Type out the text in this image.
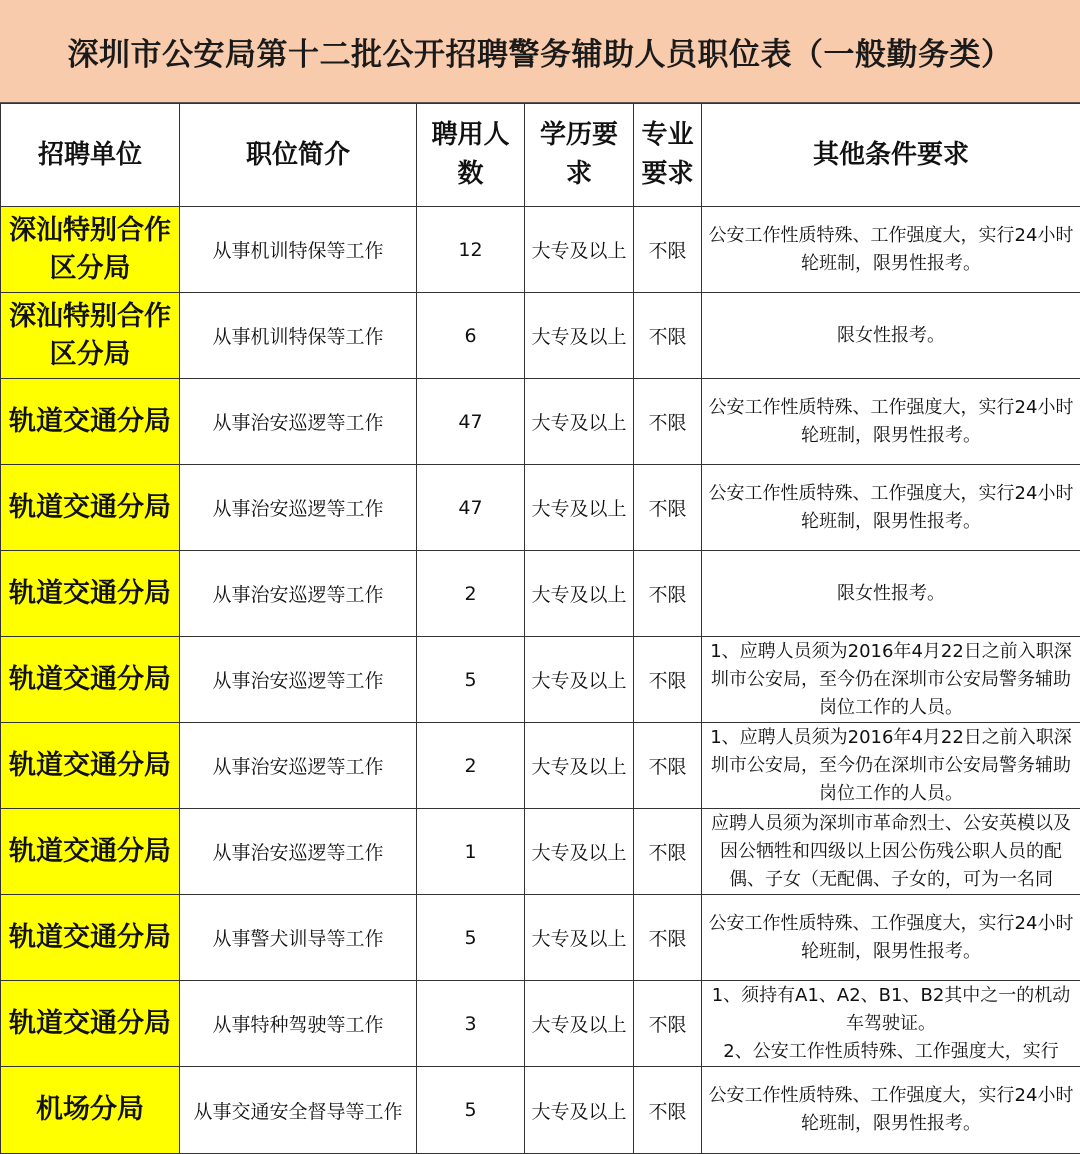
深圳市公安局第十二批公开招聘警务辅助人员职位表（一般勤务类）
招聘单位	职位简介	聘用人数	学历要求	专业要求	其他条件要求
深汕特别合作区分局	从事机训特保等工作	12	大专及以上	不限	公安工作性质特殊、工作强度大，实行24小时轮班制，限男性报考。

深汕特别合作区分局	从事机训特保等工作	6	大专及以上	不限	限女性报考。

轨道交通分局	从事治安巡逻等工作	47	大专及以上	不限	公安工作性质特殊、工作强度大，实行24小时轮班制，限男性报考。

轨道交通分局	从事治安巡逻等工作	47	大专及以上	不限	公安工作性质特殊、工作强度大，实行24小时轮班制，限男性报考。

轨道交通分局	从事治安巡逻等工作	2	大专及以上	不限	限女性报考。

轨道交通分局	从事治安巡逻等工作	5	大专及以上	不限	1、应聘人员须为2016年4月22日之前入职深圳市公安局，至今仍在深圳市公安局警务辅助岗位工作的人员。

轨道交通分局	从事治安巡逻等工作	2	大专及以上	不限	1、应聘人员须为2016年4月22日之前入职深圳市公安局，至今仍在深圳市公安局警务辅助岗位工作的人员。

轨道交通分局	从事治安巡逻等工作	1	大专及以上	不限	应聘人员须为深圳市革命烈士、公安英模以及因公牺牲和四级以上因公伤残公职人员的配偶、子女（无配偶、子女的，可为一名同

轨道交通分局	从事警犬训导等工作	5	大专及以上	不限	公安工作性质特殊、工作强度大，实行24小时轮班制，限男性报考。

轨道交通分局	从事特种驾驶等工作	3	大专及以上	不限	1、须持有A1、A2、B1、B2其中之一的机动车驾驶证。
2、公安工作性质特殊、工作强度大，实行

机场分局	从事交通安全督导等工作	5	大专及以上	不限	公安工作性质特殊、工作强度大，实行24小时轮班制，限男性报考。
